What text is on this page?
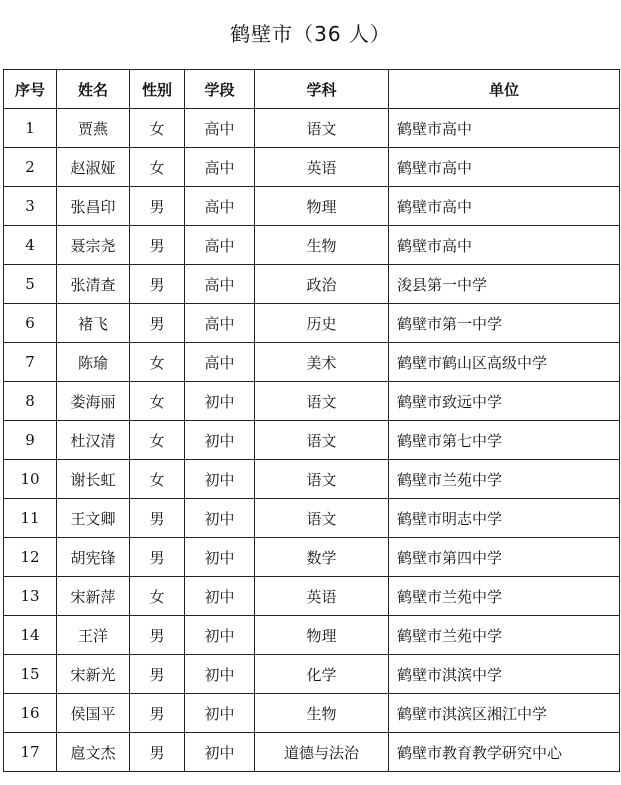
鹤壁市（36 人）
序号	姓名	性别	学段	学科	单位
1	贾燕	女	高中	语文	鹤壁市高中
2	赵淑娅	女	高中	英语	鹤壁市高中
3	张昌印	男	高中	物理	鹤壁市高中
4	聂宗尧	男	高中	生物	鹤壁市高中
5	张清查	男	高中	政治	浚县第一中学
6	褚飞	男	高中	历史	鹤壁市第一中学
7	陈瑜	女	高中	美术	鹤壁市鹤山区高级中学
8	娄海丽	女	初中	语文	鹤壁市致远中学
9	杜汉清	女	初中	语文	鹤壁市第七中学
10	谢长虹	女	初中	语文	鹤壁市兰苑中学
11	王文卿	男	初中	语文	鹤壁市明志中学
12	胡宪锋	男	初中	数学	鹤壁市第四中学
13	宋新萍	女	初中	英语	鹤壁市兰苑中学
14	王洋	男	初中	物理	鹤壁市兰苑中学
15	宋新光	男	初中	化学	鹤壁市淇滨中学
16	侯国平	男	初中	生物	鹤壁市淇滨区湘江中学
17	扈文杰	男	初中	道德与法治	鹤壁市教育教学研究中心
